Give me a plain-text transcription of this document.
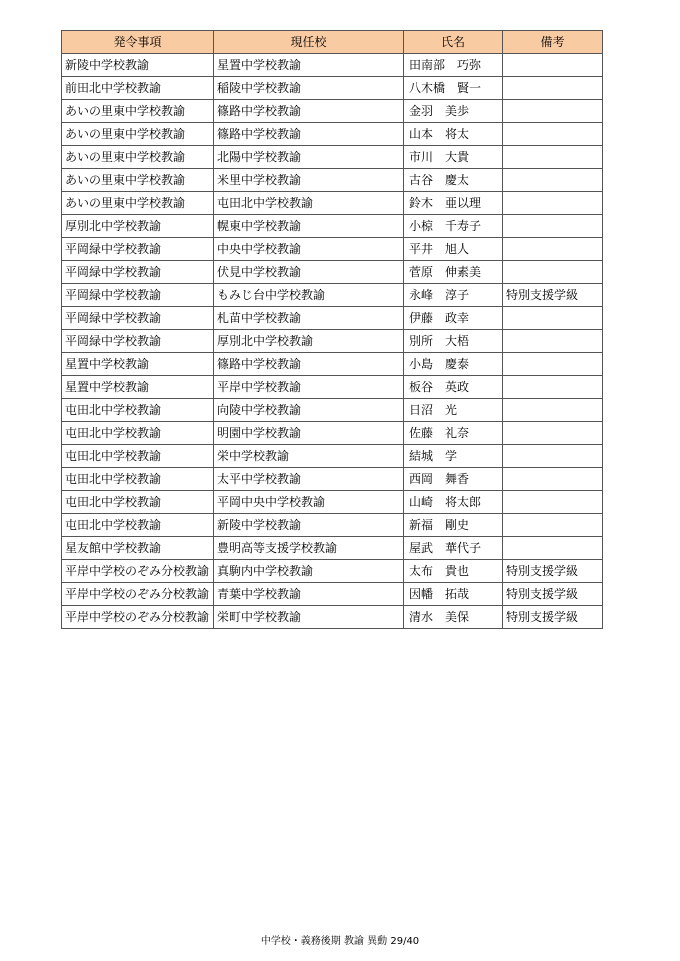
発令事項	現任校	氏名	備考
新陵中学校教諭	星置中学校教諭	田南部　巧弥	
前田北中学校教諭	稲陵中学校教諭	八木橋　賢一	
あいの里東中学校教諭	篠路中学校教諭	金羽　美歩	
あいの里東中学校教諭	篠路中学校教諭	山本　将太	
あいの里東中学校教諭	北陽中学校教諭	市川　大貴	
あいの里東中学校教諭	米里中学校教諭	古谷　慶太	
あいの里東中学校教諭	屯田北中学校教諭	鈴木　亜以理	
厚別北中学校教諭	幌東中学校教諭	小椋　千寿子	
平岡緑中学校教諭	中央中学校教諭	平井　旭人	
平岡緑中学校教諭	伏見中学校教諭	菅原　伸素美	
平岡緑中学校教諭	もみじ台中学校教諭	永峰　淳子	特別支援学級
平岡緑中学校教諭	札苗中学校教諭	伊藤　政幸	
平岡緑中学校教諭	厚別北中学校教諭	別所　大梧	
星置中学校教諭	篠路中学校教諭	小島　慶泰	
星置中学校教諭	平岸中学校教諭	板谷　英政	
屯田北中学校教諭	向陵中学校教諭	日沼　光	
屯田北中学校教諭	明園中学校教諭	佐藤　礼奈	
屯田北中学校教諭	栄中学校教諭	結城　学	
屯田北中学校教諭	太平中学校教諭	西岡　舞香	
屯田北中学校教諭	平岡中央中学校教諭	山崎　将太郎	
屯田北中学校教諭	新陵中学校教諭	新福　剛史	
星友館中学校教諭	豊明高等支援学校教諭	屋武　華代子	
平岸中学校のぞみ分校教諭	真駒内中学校教諭	太布　貴也	特別支援学級
平岸中学校のぞみ分校教諭	青葉中学校教諭	因幡　拓哉	特別支援学級
平岸中学校のぞみ分校教諭	栄町中学校教諭	清水　美保	特別支援学級
中学校・義務後期 教諭 異動 29/40
